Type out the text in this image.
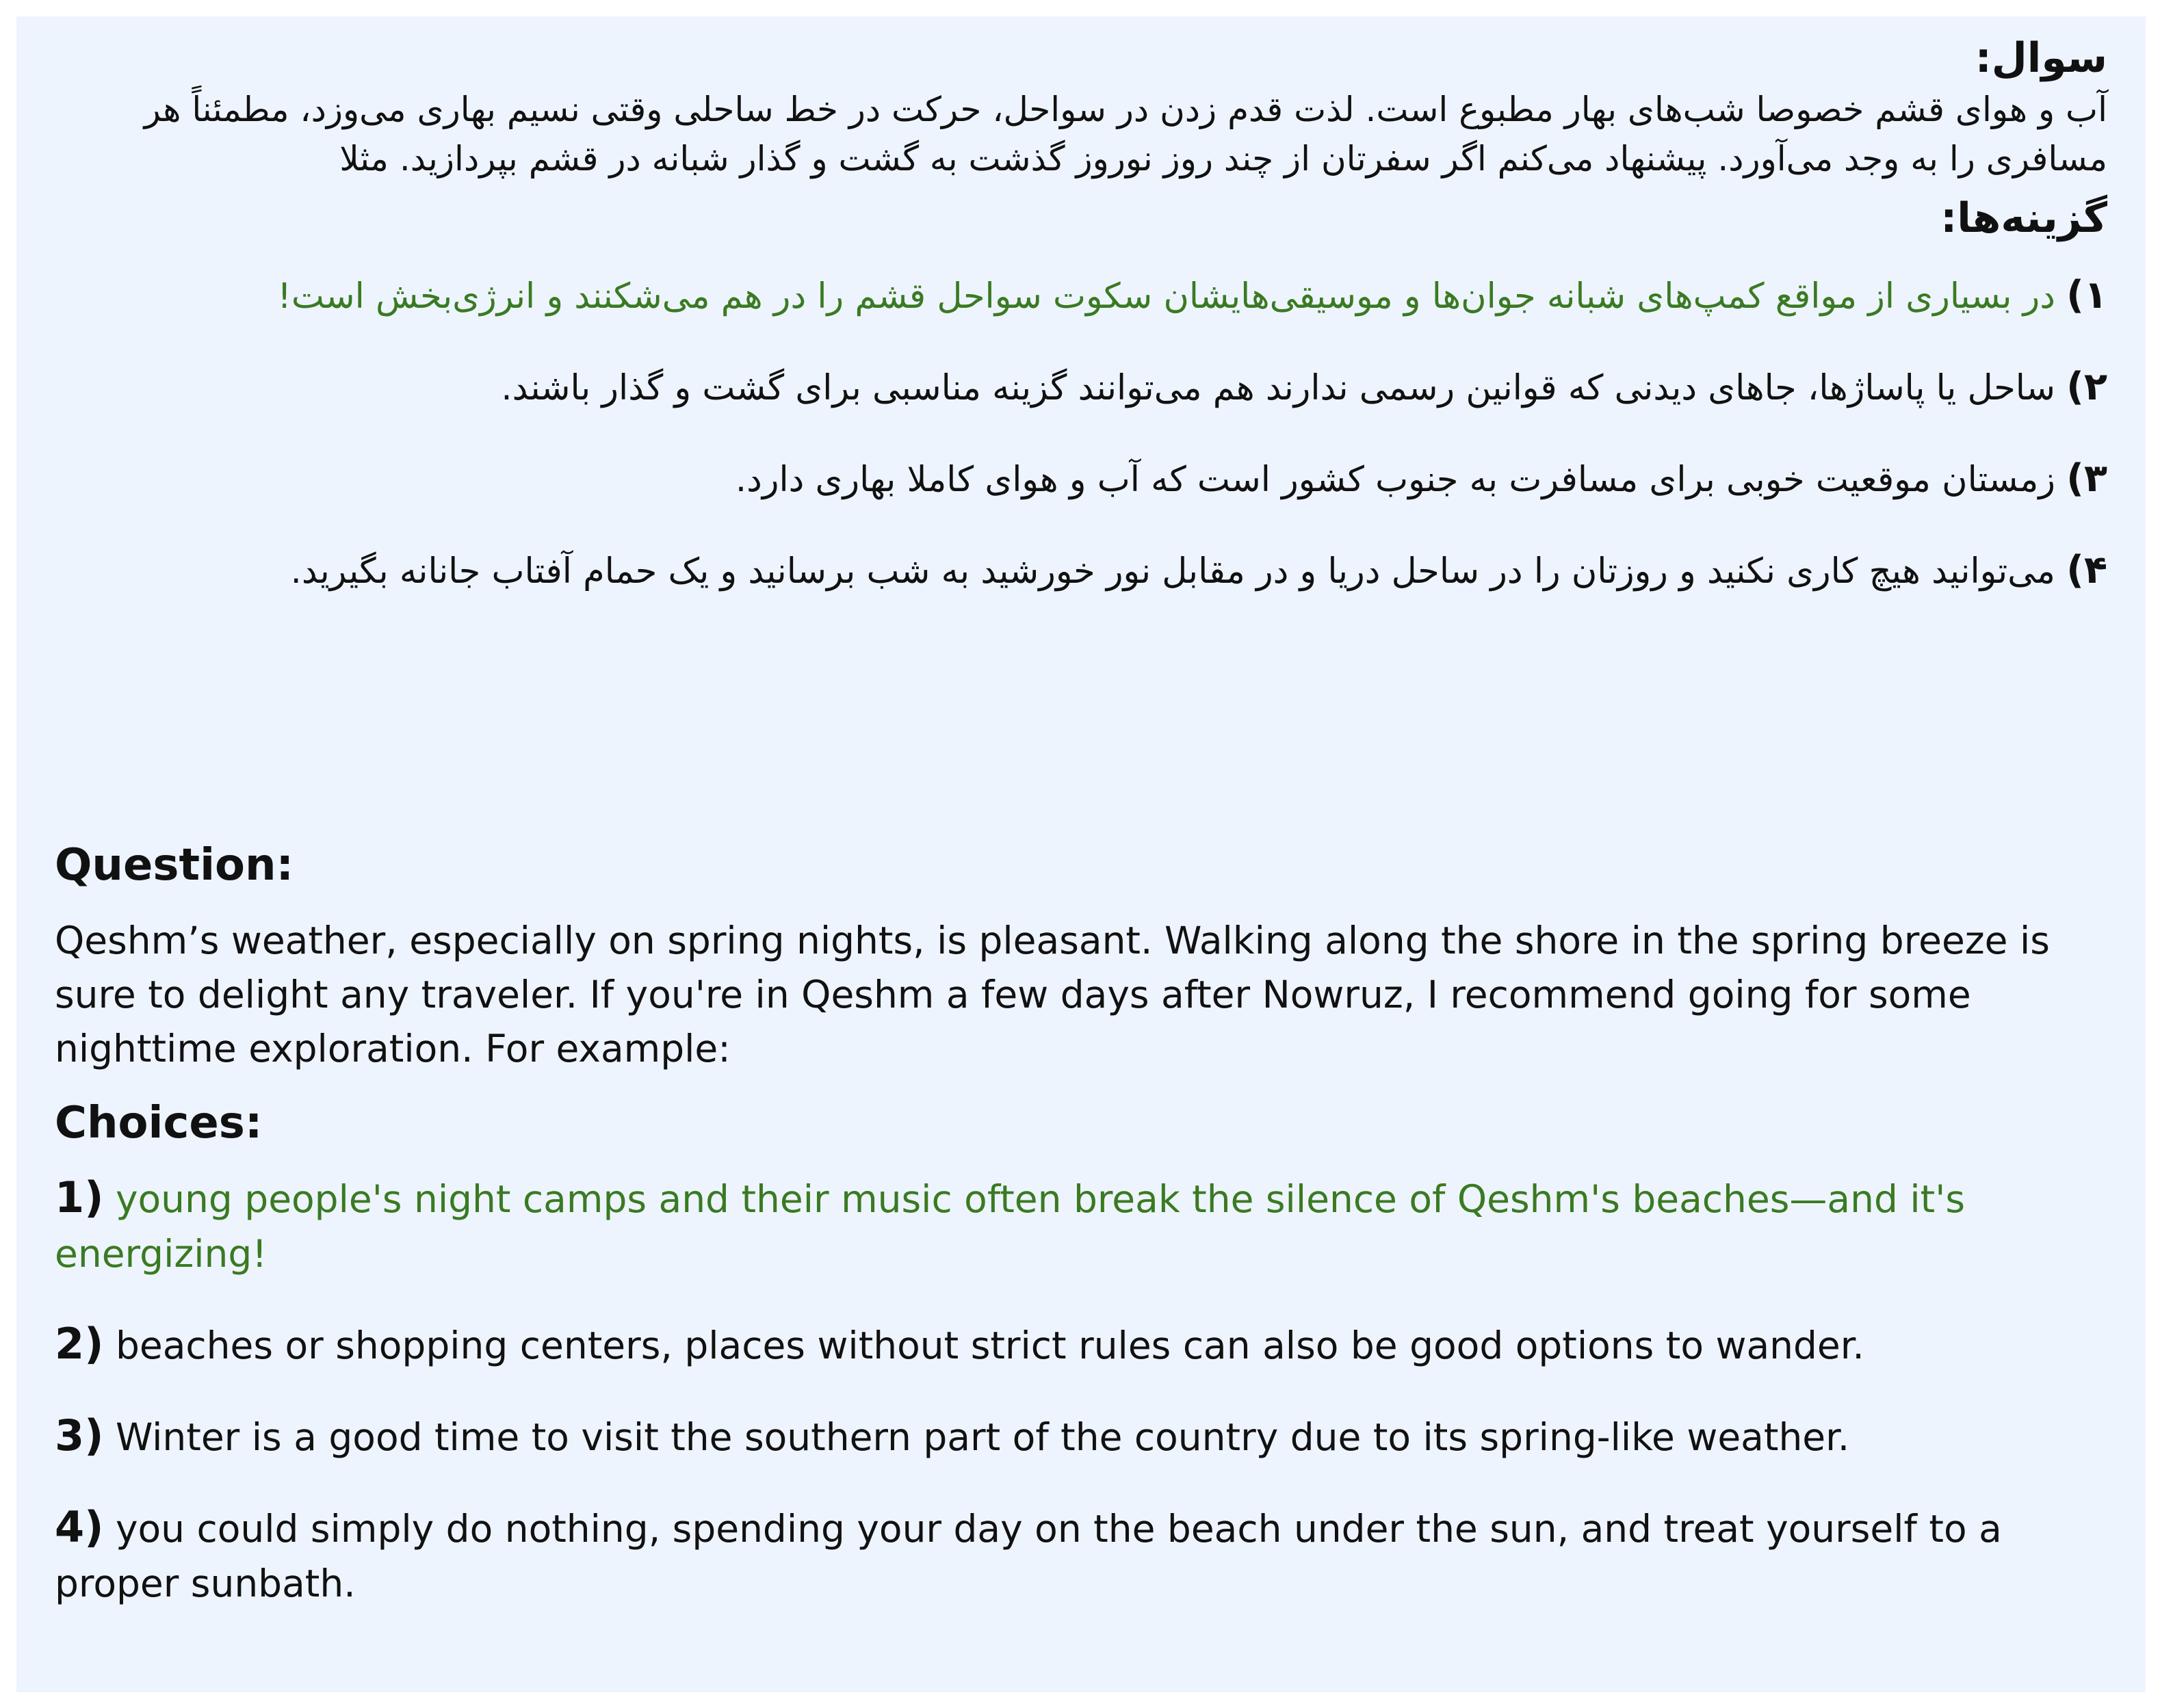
سوال:

آب و هوای قشم خصوصا شب‌های بهار مطبوع است. لذت قدم زدن در سواحل، حرکت در خط ساحلی وقتی نسیم بهاری می‌وزد، مطمئناً هر مسافری را به وجد می‌آورد. پیشنهاد می‌کنم اگر سفرتان از چند روز نوروز گذشت به گشت و گذار شبانه در قشم بپردازید. مثلا

گزینه‌ها:

۱) در بسیاری از مواقع کمپ‌های شبانه جوان‌ها و موسیقی‌هایشان سکوت سواحل قشم را در هم می‌شکنند و انرژی‌بخش است!

۲) ساحل یا پاساژها، جاهای دیدنی که قوانین رسمی ندارند هم می‌توانند گزینه مناسبی برای گشت و گذار باشند.

۳) زمستان موقعیت خوبی برای مسافرت به جنوب کشور است که آب و هوای کاملا بهاری دارد.

۴) می‌توانید هیچ کاری نکنید و روزتان را در ساحل دریا و در مقابل نور خورشید به شب برسانید و یک حمام آفتاب جانانه بگیرید.

Question:

Qeshm’s weather, especially on spring nights, is pleasant. Walking along the shore in the spring breeze is sure to delight any traveler. If you're in Qeshm a few days after Nowruz, I recommend going for some nighttime exploration. For example:

Choices:

1) young people's night camps and their music often break the silence of Qeshm's beaches—and it's energizing!

2) beaches or shopping centers, places without strict rules can also be good options to wander.

3) Winter is a good time to visit the southern part of the country due to its spring-like weather.

4) you could simply do nothing, spending your day on the beach under the sun, and treat yourself to a proper sunbath.
